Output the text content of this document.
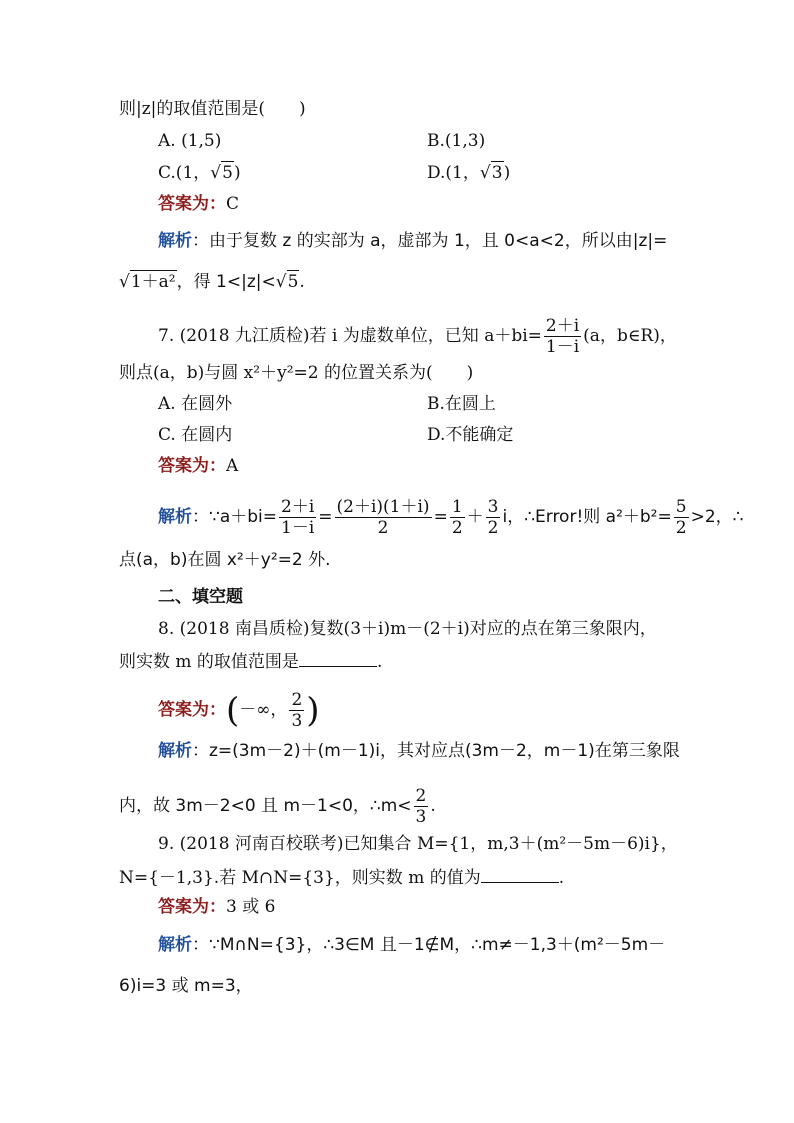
则|z|的取值范围是(　　)
A. (1,5)	B.(1,3)
C.(1，√5)	D.(1，√3)
答案为：C
解析：由于复数 z 的实部为 a，虚部为 1，且 0<a<2，所以由|z|=
√1＋a²，得 1<|z|<√5.
7. (2018 九江质检)若 i 为虚数单位，已知 $a+bi= \frac{2+i}{1-i} (a$，b∈R)，
则点(a，b)与圆 x²＋y²=2 的位置关系为(　　)
A. 在圆外	B.在圆上
C. 在圆内	D.不能确定
答案为：A
解析：∵a＋bi= $\frac{2+i}{1-i} = \frac{(2+i)(1+i)}{2} = \frac{1}{2} + \frac{3}{2}$ i，∴Error!则 $a^2+b^2= \frac{5}{2} >2$，∴
点(a，b)在圆 x²＋y²=2 外.
二、填空题
8. (2018 南昌质检)复数(3＋i)m－(2＋i)对应的点在第三象限内，
则实数 m 的取值范围是	.
答案为：(－∞， $\frac{2}{3}$ )
解析：z=(3m－2)＋(m－1)i，其对应点(3m－2，m－1)在第三象限
内，故 3m－2<0 且 m－1<0，∴m< $\frac{2}{3}$ .
9. (2018 河南百校联考)已知集合 M={1，m,3＋(m²－5m－6)i}，
N={－1,3}.若 M∩N={3}，则实数 m 的值为	.
答案为：3 或 6
解析：∵M∩N={3}，∴3∈M 且－1∉M，∴m≠－1,3＋(m²－5m－
6)i=3 或 m=3，
